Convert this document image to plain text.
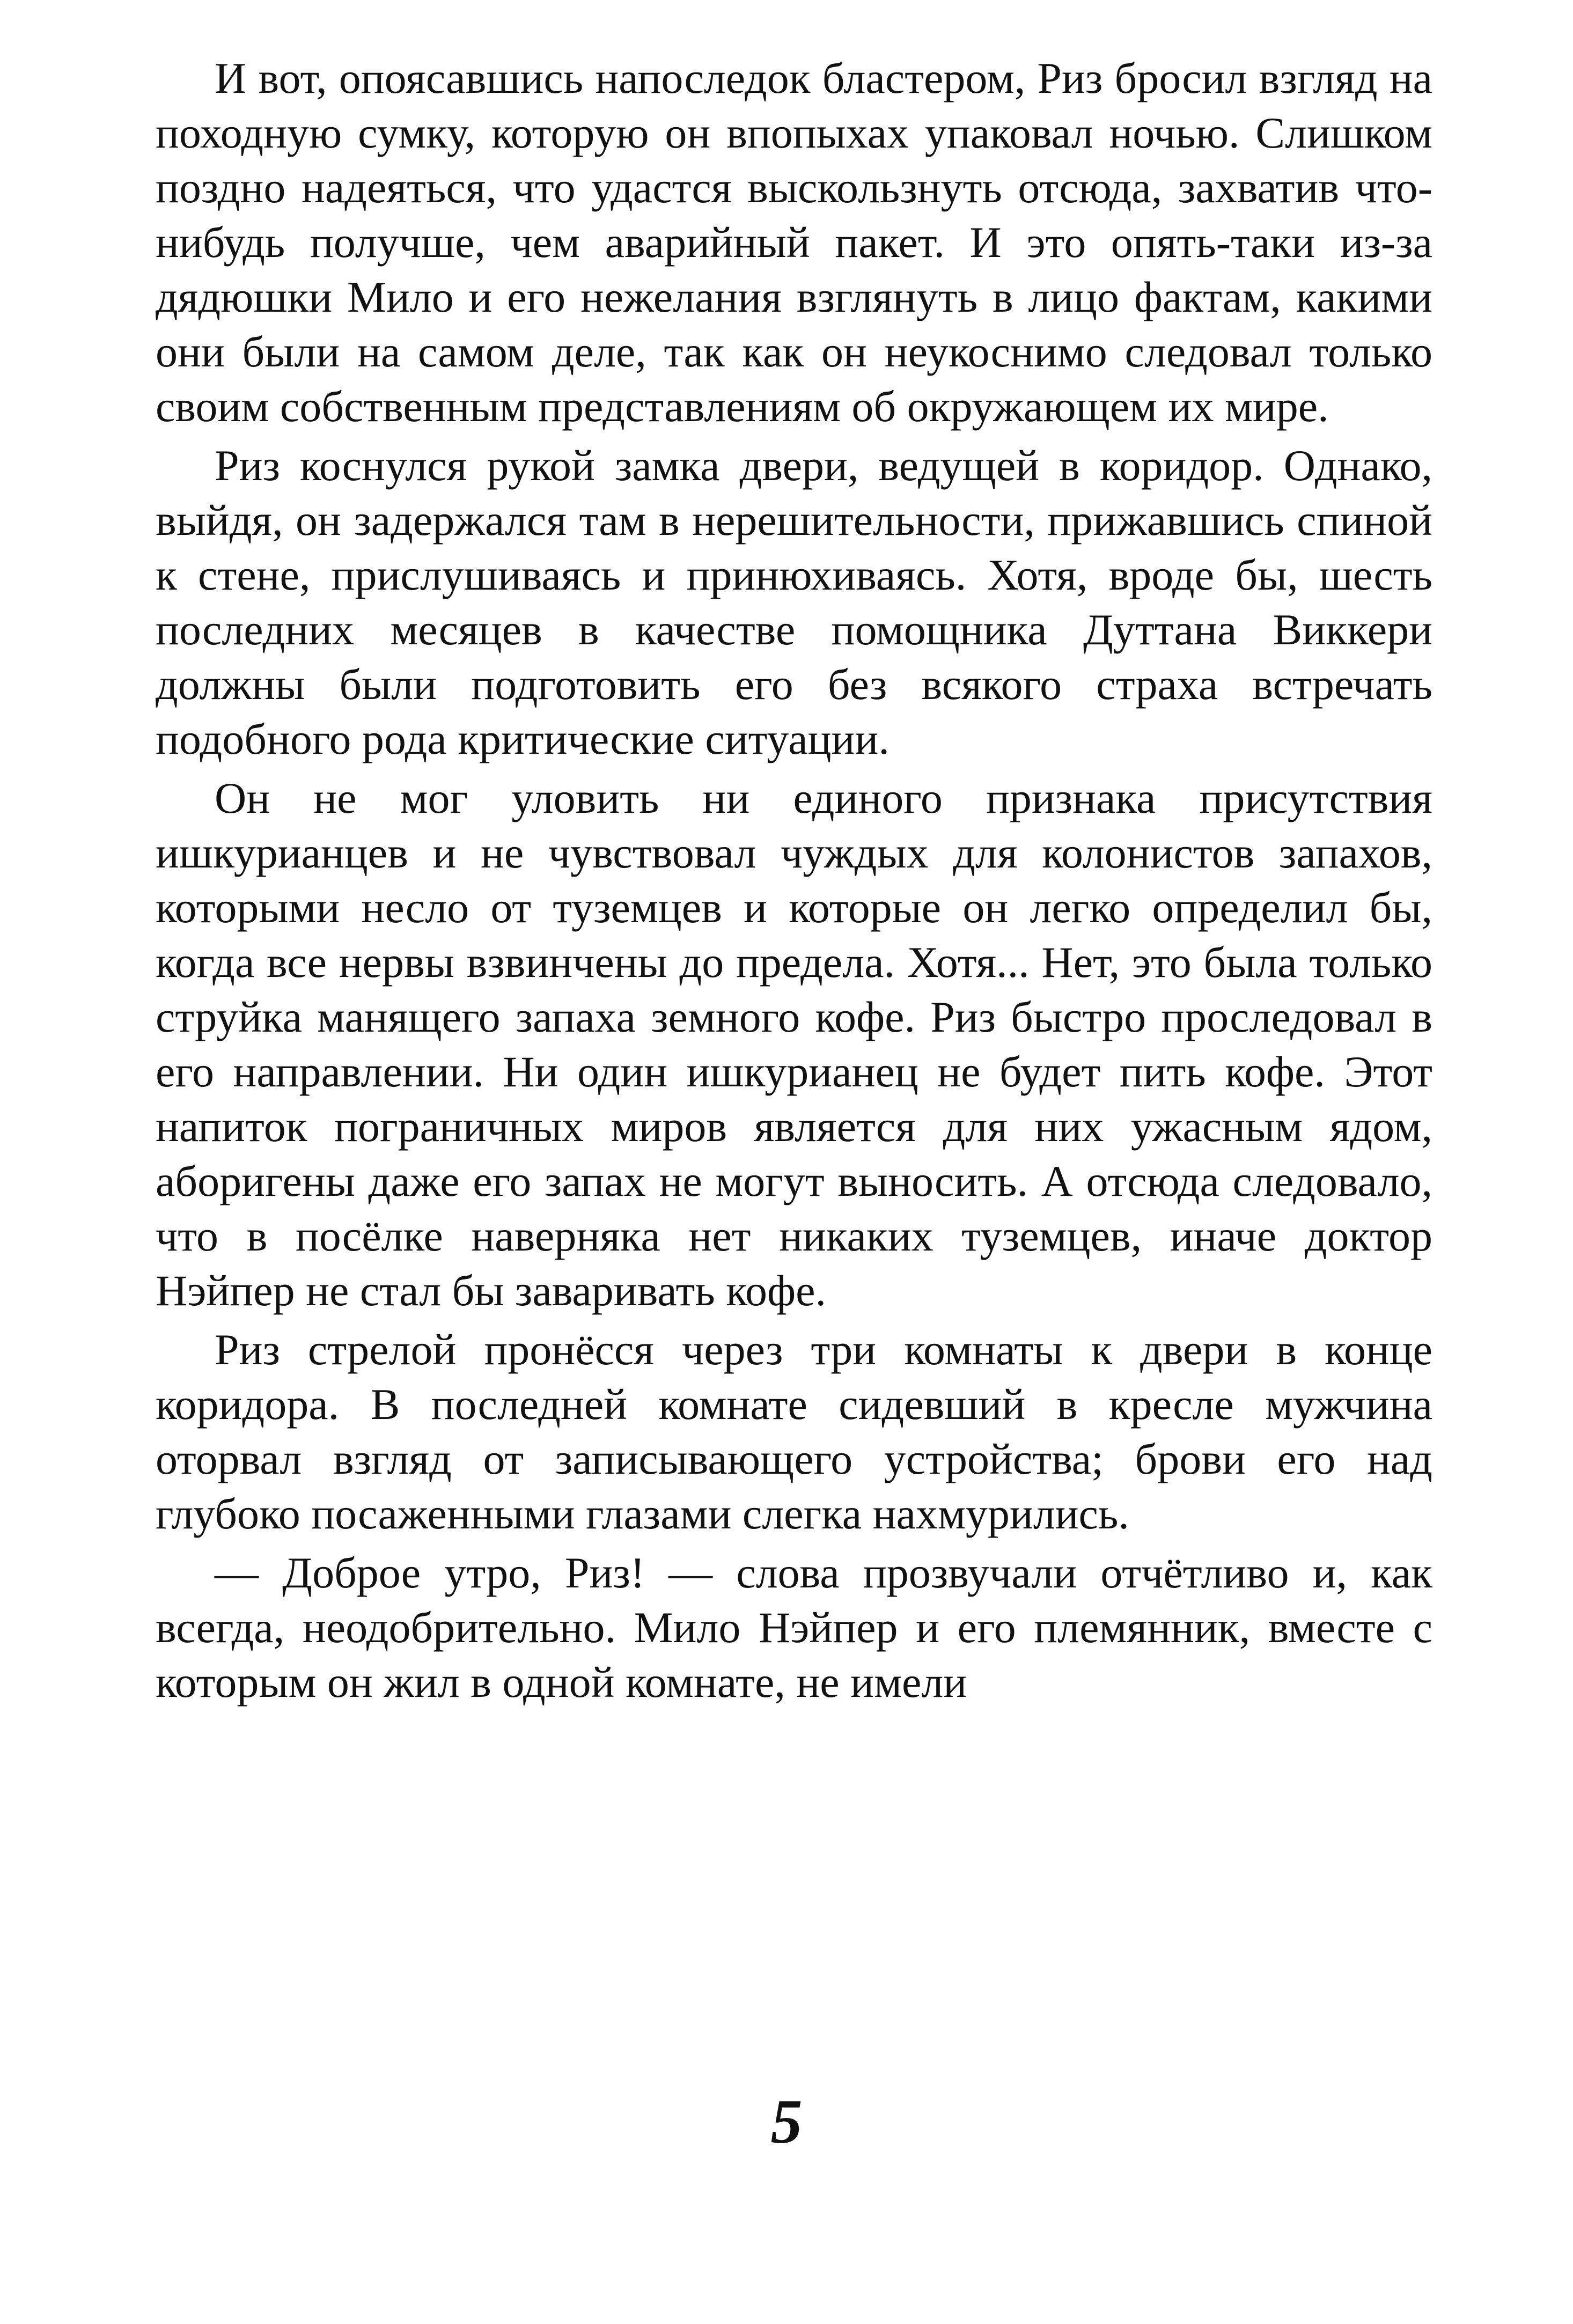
И вот, опоясавшись напоследок бластером, Риз бросил взгляд на походную сумку, которую он впопыхах упаковал ночью. Слишком поздно надеяться, что удастся выскользнуть отсюда, захватив что-нибудь получше, чем аварийный пакет. И это опять-таки из-за дядюшки Мило и его нежелания взглянуть в лицо фактам, какими они были на самом деле, так как он неукоснимо следовал только своим собственным представлениям об окружающем их мире.

Риз коснулся рукой замка двери, ведущей в коридор. Однако, выйдя, он задержался там в нерешительности, прижавшись спиной к стене, прислушиваясь и принюхиваясь. Хотя, вроде бы, шесть последних месяцев в качестве помощника Дуттана Виккери должны были подготовить его без всякого страха встречать подобного рода критические ситуации.

Он не мог уловить ни единого признака присутствия ишкурианцев и не чувствовал чуждых для колонистов запахов, которыми несло от туземцев и которые он легко определил бы, когда все нервы взвинчены до предела. Хотя... Нет, это была только струйка манящего запаха земного кофе. Риз быстро проследовал в его направлении. Ни один ишкурианец не будет пить кофе. Этот напиток пограничных миров является для них ужасным ядом, аборигены даже его запах не могут выносить. А отсюда следовало, что в посёлке наверняка нет никаких туземцев, иначе доктор Нэйпер не стал бы заваривать кофе.

Риз стрелой пронёсся через три комнаты к двери в конце коридора. В последней комнате сидевший в кресле мужчина оторвал взгляд от записывающего устройства; брови его над глубоко посаженными глазами слегка нахмурились.

— Доброе утро, Риз! — слова прозвучали отчётливо и, как всегда, неодобрительно. Мило Нэйпер и его племянник, вместе с которым он жил в одной комнате, не имели

5
